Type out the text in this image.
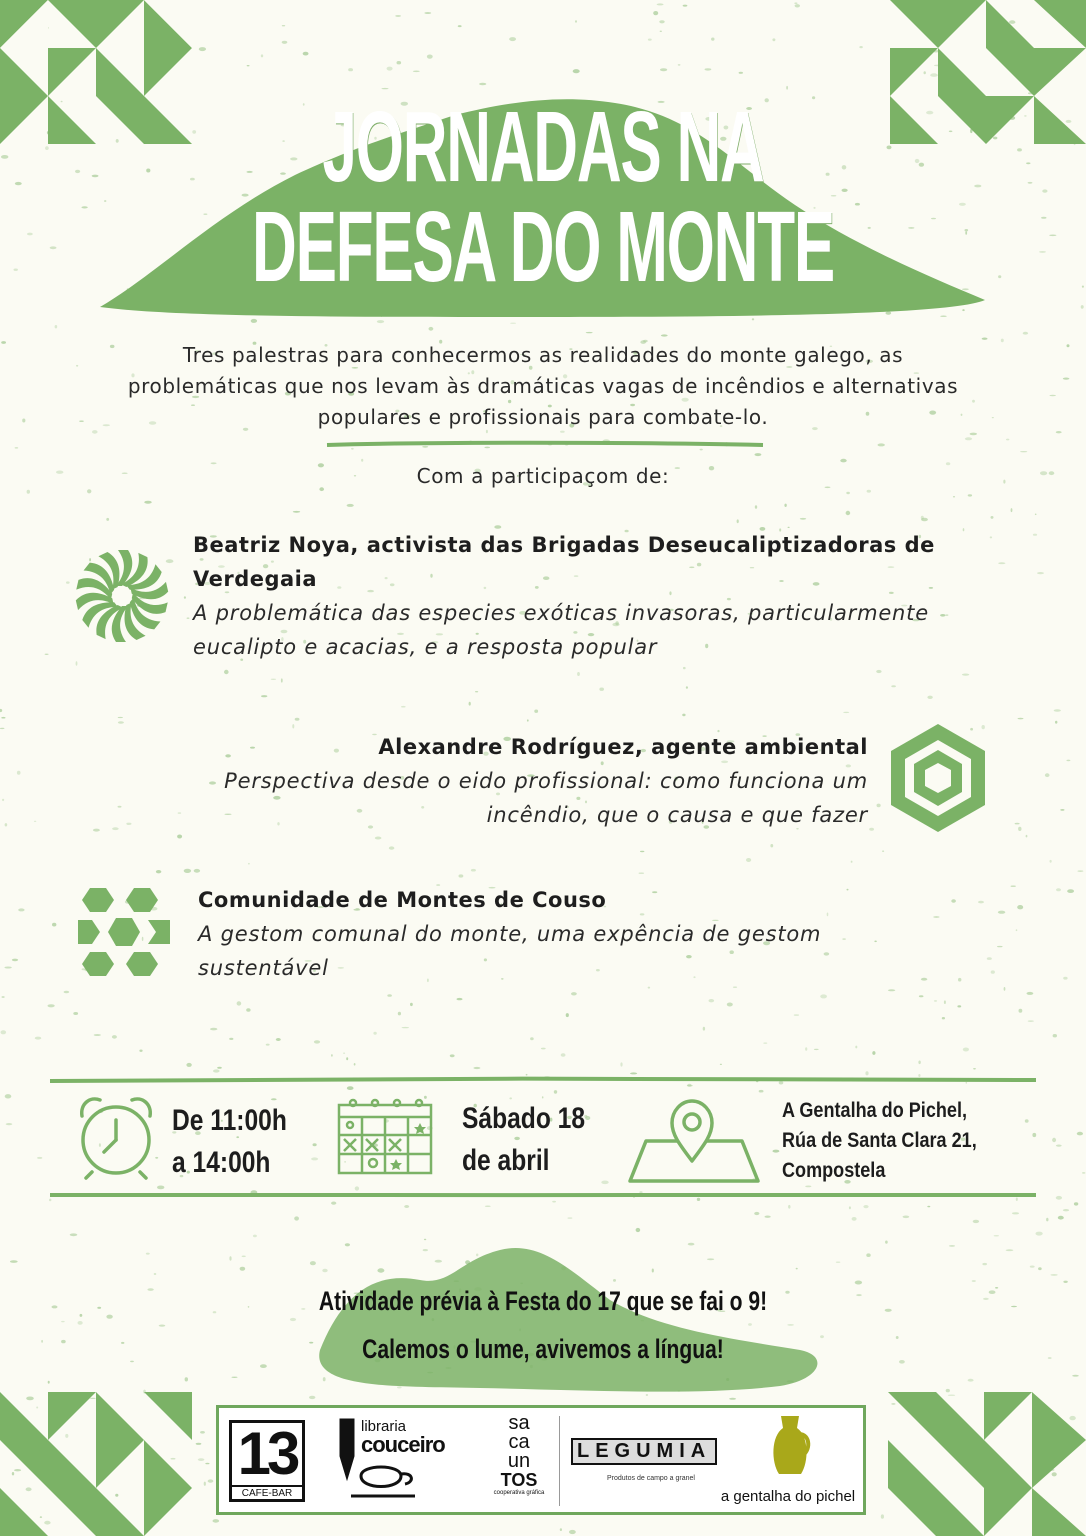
JORNADAS NA
DEFESA DO MONTE
Tres palestras para conhecermos as realidades do monte galego, as problemáticas que nos levam às dramáticas vagas de incêndios e alternativas populares e profissionais para combate-lo.
Com a participaçom de:
Beatriz Noya, activista das Brigadas Deseucaliptizadoras de Verdegaia
A problemática das especies exóticas invasoras, particularmente eucalipto e acacias, e a resposta popular
Alexandre Rodríguez, agente ambiental
Perspectiva desde o eido profissional: como funciona um incêndio, que o causa e que fazer
Comunidade de Montes de Couso
A gestom comunal do monte, uma expência de gestom sustentável
De 11:00h
a 14:00h
Sábado 18
de abril
A Gentalha do Pichel,
Rúa de Santa Clara 21,
Compostela
Atividade prévia à Festa do 17 que se fai o 9!
Calemos o lume, avivemos a língua!
13
CAFE-BAR
libraria
couceiro
sa
ca
un
TOS
cooperativa gráfica
LEGUMIA
Produtos de campo a granel
a gentalha do pichel
